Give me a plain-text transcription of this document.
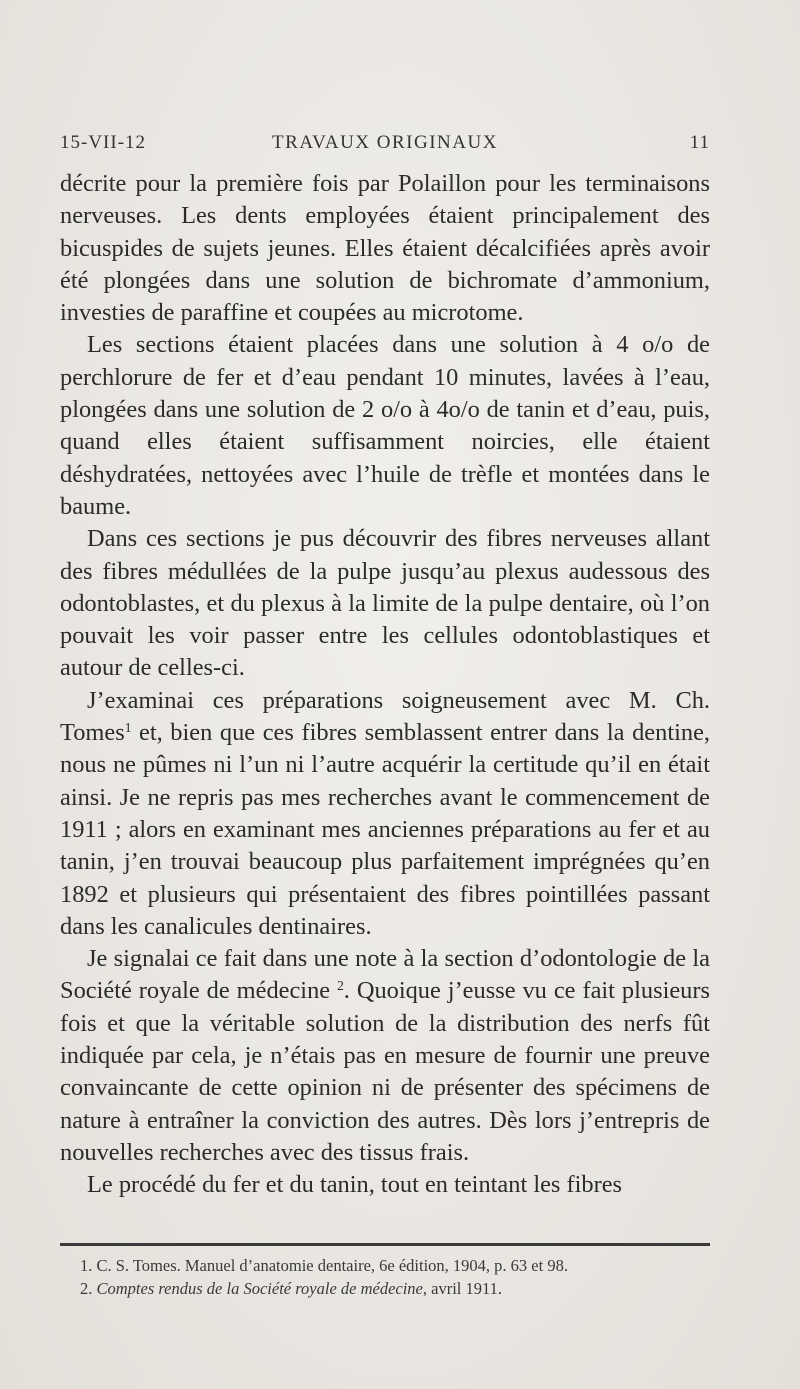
15-VII-12	TRAVAUX ORIGINAUX	11

décrite pour la première fois par Polaillon pour les terminaisons nerveuses. Les dents employées étaient principalement des bicuspides de sujets jeunes. Elles étaient décalcifiées après avoir été plongées dans une solution de bichromate d’ammonium, investies de paraffine et coupées au microtome.

Les sections étaient placées dans une solution à 4 o/o de perchlorure de fer et d’eau pendant 10 minutes, lavées à l’eau, plongées dans une solution de 2 o/o à 4o/o de tanin et d’eau, puis, quand elles étaient suffisamment noircies, elle étaient déshydratées, nettoyées avec l’huile de trèfle et montées dans le baume.

Dans ces sections je pus découvrir des fibres nerveuses allant des fibres médullées de la pulpe jusqu’au plexus audessous des odontoblastes, et du plexus à la limite de la pulpe dentaire, où l’on pouvait les voir passer entre les cellules odontoblastiques et autour de celles-ci.

J’examinai ces préparations soigneusement avec M. Ch. Tomes$^1$ et, bien que ces fibres semblassent entrer dans la dentine, nous ne pûmes ni l’un ni l’autre acquérir la certitude qu’il en était ainsi. Je ne repris pas mes recherches avant le commencement de 1911 ; alors en examinant mes anciennes préparations au fer et au tanin, j’en trouvai beaucoup plus parfaitement imprégnées qu’en 1892 et plusieurs qui présentaient des fibres pointillées passant dans les canalicules dentinaires.

Je signalai ce fait dans une note à la section d’odontologie de la Société royale de médecine $^2$. Quoique j’eusse vu ce fait plusieurs fois et que la véritable solution de la distribution des nerfs fût indiquée par cela, je n’étais pas en mesure de fournir une preuve convaincante de cette opinion ni de présenter des spécimens de nature à entraîner la conviction des autres. Dès lors j’entrepris de nouvelles recherches avec des tissus frais.

Le procédé du fer et du tanin, tout en teintant les fibres

1. C. S. Tomes. Manuel d’anatomie dentaire, 6e édition, 1904, p. 63 et 98.
2. Comptes rendus de la Société royale de médecine, avril 1911.
